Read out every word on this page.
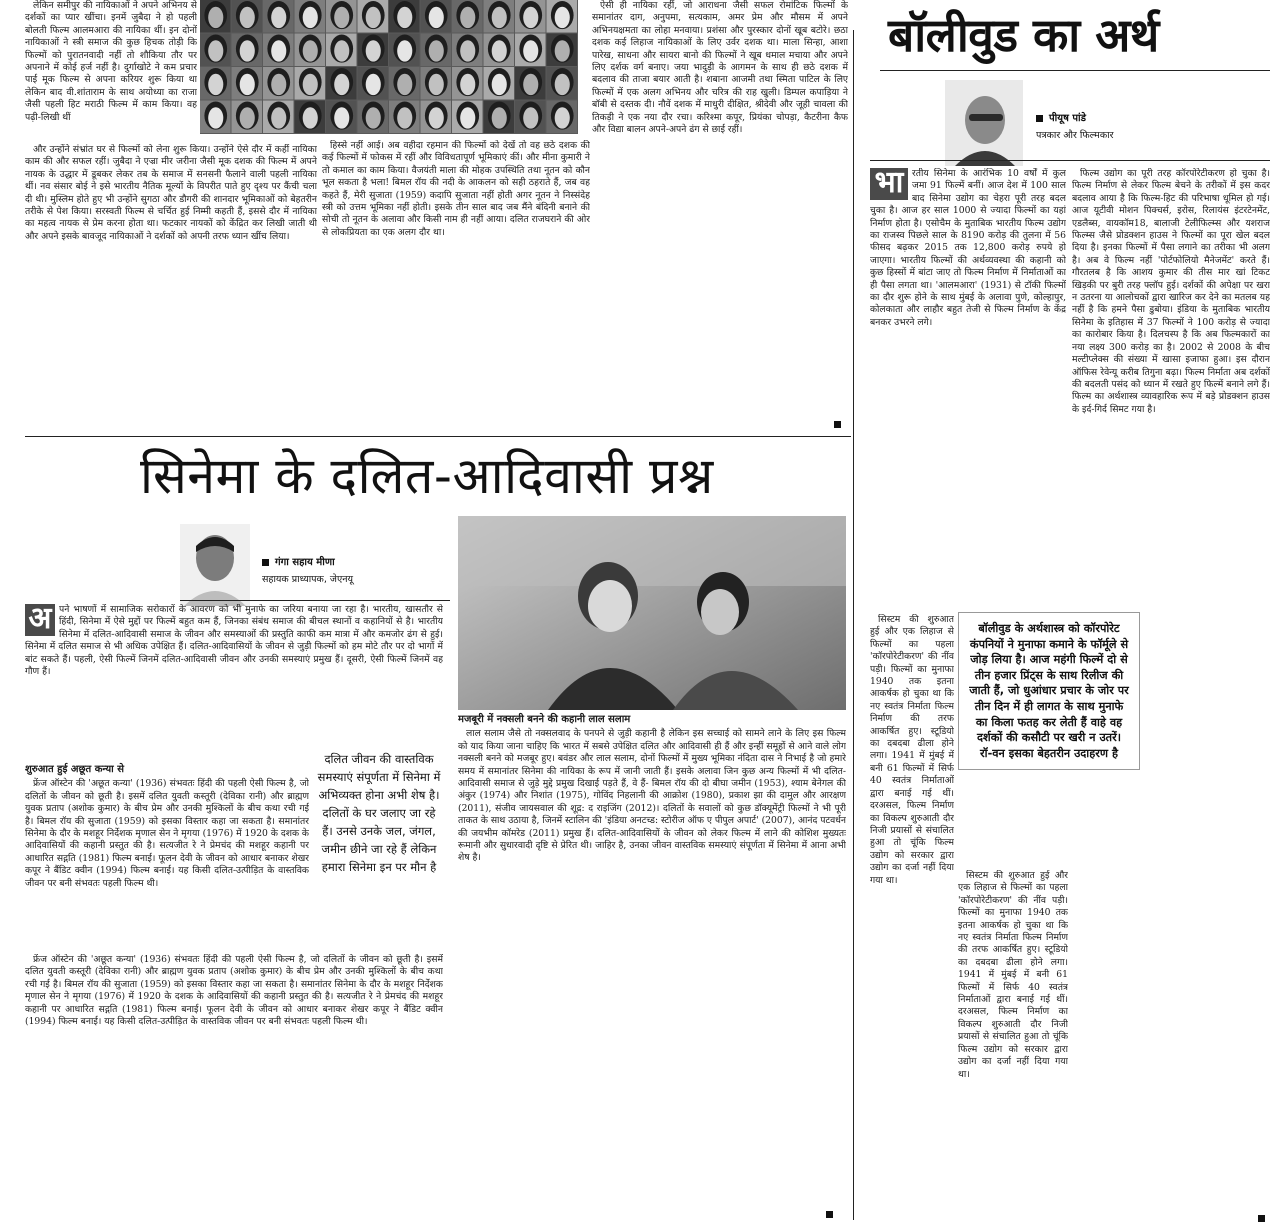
लेकिन समीपुर की नायिकाओं ने अपने अभिनय से दर्शकों का प्यार खींचा। इनमें जुबैदा ने हो पहली बोलती फिल्म आलमआरा की नायिका थीं। इन दोनों नायिकाओं ने स्त्री समाज की कुछ हिचक तोड़ी कि फिल्मों को पुरातनवादी नहीं तो शौकिया तौर पर अपनाने में कोई हर्ज नहीं है। दुर्गाखोटे ने कम प्रचार पाई मूक फिल्म से अपना करियर शुरू किया था लेकिन बाद वी.शांताराम के साथ अयोध्या का राजा जैसी पहली हिट मराठी फिल्म में काम किया। वह पढ़ी-लिखी थीं

और उन्होंने संभ्रांत घर से फिल्मों को लेना शुरू किया। उन्होंने ऐसे दौर में कहीं नायिका काम की और सफल रहीं। जुबैदा ने एज्रा मीर जरीना जैसी मूक दशक की फिल्म में अपने नायक के उद्धार में डूबकर लेकर तब के समाज में सनसनी फैलाने वाली पहली नायिका थीं। नव संसार बोई ने इसे भारतीय नैतिक मूल्यों के विपरीत पाते हुए दृश्य पर कैंची चला दी थी। मुस्लिम होते हुए भी उन्होंने सुगठा और डौगरी की शानदार भूमिकाओं को बेहतरीन तरीके से पेश किया। सरस्वती फिल्म से चर्चित हुई निम्मी कहती हैं, इससे दौर में नायिका का महत्व नायक से प्रेम करना होता था। फटकार नायकों को केंद्रित कर लिखी जाती थी और अपने इसके बावजूद नायिकाओं ने दर्शकों को अपनी तरफ ध्यान खींच लिया।

हिस्से नहीं आई। अब वहीदा रहमान की फिल्मों को देखें तो वह छठे दशक की कई फिल्मों में फोकस में रहीं और विविधतापूर्ण भूमिकाएं कीं। और मीना कुमारी ने तो कमाल का काम किया। वैजयंती माला की मोहक उपस्थिति तथा नूतन को कौन भूल सकता है भला! बिमल रॉय की नदी के आकलन को सही ठहराते हैं, जब वह कहते हैं, मेरी सुजाता (1959) कदापि सुजाता नहीं होती अगर नूतन ने निस्संदेह स्त्री को उत्तम भूमिका नहीं होती। इसके तीन साल बाद जब मैंने बंदिनी बनाने की सोची तो नूतन के अलावा और किसी नाम ही नहीं आया। दलित राजघराने की ओर से लोकप्रियता का एक अलग दौर था।

ऐसी ही नायिका रहीं, जो आराधना जैसी सफल रोमांटिक फिल्मों के समानांतर दाग, अनुपमा, सत्यकाम, अमर प्रेम और मौसम में अपने अभिनयक्षमता का लोहा मनवाया। प्रशंसा और पुरस्कार दोनों खूब बटोरे। छठा दशक कई लिहाज नायिकाओं के लिए उर्वर दशक था। माला सिन्हा, आशा पारेख, साधना और सायरा बानो की फिल्मों ने खूब धमाल मचाया और अपने लिए दर्शक वर्ग बनाए। जया भादुड़ी के आगमन के साथ ही छठे दशक में बदलाव की ताजा बयार आती है। शबाना आजमी तथा स्मिता पाटिल के लिए फिल्मों में एक अलग अभिनय और चरित्र की राह खुली। डिम्पल कपाड़िया ने बॉबी से दस्तक दी। नौवें दशक में माधुरी दीक्षित, श्रीदेवी और जूही चावला की तिकड़ी ने एक नया दौर रचा। करिश्मा कपूर, प्रियंका चोपड़ा, कैटरीना कैफ और विद्या बालन अपने-अपने ढंग से छाई रहीं।

बॉलीवुड का अर्थ
पीयूष पांडे
पत्रकार और फिल्मकार
भा रतीय सिनेमा के आरंभिक 10 वर्षों में कुल जमा 91 फिल्में बनीं। आज देश में 100 साल बाद सिनेमा उद्योग का चेहरा पूरी तरह बदल चुका है। आज हर साल 1000 से ज्यादा फिल्मों का यहां निर्माण होता है। एसोचैम के मुताबिक भारतीय फिल्म उद्योग का राजस्व पिछले साल के 8190 करोड़ की तुलना में 56 फीसद बढ़कर 2015 तक 12,800 करोड़ रुपये हो जाएगा। भारतीय फिल्मों की अर्थव्यवस्था की कहानी को कुछ हिस्सों में बांटा जाए तो फिल्म निर्माण में निर्माताओं का ही पैसा लगता था। 'आलमआरा' (1931) से टॉकी फिल्मों का दौर शुरू होने के साथ मुंबई के अलावा पुणे, कोल्हापुर, कोलकाता और लाहौर बहुत तेजी से फिल्म निर्माण के केंद्र बनकर उभरने लगे।

बॉलीवुड के अर्थशास्त्र को कॉरपोरेट कंपनियों ने मुनाफा कमाने के फॉर्मूले से जोड़ लिया है। आज महंगी फिल्में दो से तीन हजार प्रिंट्स के साथ रिलीज की जाती हैं, जो धुआंधार प्रचार के जोर पर तीन दिन में ही लागत के साथ मुनाफे का किला फतह कर लेती हैं वाहे वह दर्शकों की कसौटी पर खरी न उतरें। रॉ-वन इसका बेहतरीन उदाहरण है

सिस्टम की शुरुआत हुई और एक लिहाज से फिल्मों का पहला 'कॉरपोरेटीकरण' की नींव पड़ी। फिल्मों का मुनाफा 1940 तक इतना आकर्षक हो चुका था कि नए स्वतंत्र निर्माता फिल्म निर्माण की तरफ आकर्षित हुए। स्टूडियो का दबदबा ढीला होने लगा। 1941 में मुंबई में बनी 61 फिल्मों में सिर्फ 40 स्वतंत्र निर्माताओं द्वारा बनाई गई थीं। दरअसल, फिल्म निर्माण का विकल्प शुरुआती दौर निजी प्रयासों से संचालित हुआ तो चूंकि फिल्म उद्योग को सरकार द्वारा उद्योग का दर्जा नहीं दिया गया था।	सिस्टम की शुरुआत हुई और एक लिहाज से फिल्मों का पहला 'कॉरपोरेटीकरण' की नींव पड़ी। फिल्मों का मुनाफा 1940 तक इतना आकर्षक हो चुका था कि नए स्वतंत्र निर्माता फिल्म निर्माण की तरफ आकर्षित हुए। स्टूडियो का दबदबा ढीला होने लगा। 1941 में मुंबई में बनी 61 फिल्मों में सिर्फ 40 स्वतंत्र निर्माताओं द्वारा बनाई गई थीं। दरअसल, फिल्म निर्माण का विकल्प शुरुआती दौर निजी प्रयासों से संचालित हुआ तो चूंकि फिल्म उद्योग को सरकार द्वारा उद्योग का दर्जा नहीं दिया गया था।

फिल्म उद्योग का पूरी तरह कॉरपोरेटीकरण हो चुका है। फिल्म निर्माण से लेकर फिल्म बेचने के तरीकों में इस कदर बदलाव आया है कि फिल्म-हिट की परिभाषा धूमिल हो गई। आज यूटीवी मोशन पिक्चर्स, इरोस, रिलायंस इंटरटेनमेंट, एडलैब्स, वायकॉम18, बालाजी टेलीफिल्म्स और यशराज फिल्म्स जैसे प्रोडक्शन हाउस ने फिल्मों का पूरा खेल बदल दिया है। इनका फिल्मों में पैसा लगाने का तरीका भी अलग है। अब वे फिल्म नहीं 'पोर्टफोलियो मैनेजमेंट' करते हैं। गौरतलब है कि आशय कुमार की तीस मार खां टिकट खिड़की पर बुरी तरह फ्लॉप हुई। दर्शकों की अपेक्षा पर खरा न उतरना या आलोचकों द्वारा खारिज कर देने का मतलब यह नहीं है कि हमने पैसा डुबोया। इंडिया के मुताबिक भारतीय सिनेमा के इतिहास में 37 फिल्मों ने 100 करोड़ से ज्यादा का कारोबार किया है। दिलचस्प है कि अब फिल्मकारों का नया लक्ष्य 300 करोड़ का है। 2002 से 2008 के बीच मल्टीप्लेक्स की संख्या में खासा इजाफा हुआ। इस दौरान ऑफिस रेवेन्यू करीब तिगुना बढ़ा। फिल्म निर्माता अब दर्शकों की बदलती पसंद को ध्यान में रखते हुए फिल्में बनाने लगे हैं। फिल्म का अर्थशास्त्र व्यावहारिक रूप में बड़े प्रोडक्शन हाउस के इर्द-गिर्द सिमट गया है।

सिनेमा के दलित-आदिवासी प्रश्न
गंगा सहाय मीणा
सहायक प्राध्यापक, जेएनयू
अ पने भाषणों में सामाजिक सरोकारों के आवरण को भी मुनाफे का जरिया बनाया जा रहा है। भारतीय, खासतौर से हिंदी, सिनेमा में ऐसे मुद्दों पर फिल्में बहुत कम हैं, जिनका संबंध समाज की बीचल स्थानों व कहानियों से है। भारतीय सिनेमा में दलित-आदिवासी समाज के जीवन और समस्याओं की प्रस्तुति काफी कम मात्रा में और कमजोर ढंग से हुई। सिनेमा में दलित समाज से भी अधिक उपेक्षित हैं। दलित-आदिवासियों के जीवन से जुड़ी फिल्मों को हम मोटे तौर पर दो भागों में बांट सकते हैं। पहली, ऐसी फिल्में जिनमें दलित-आदिवासी जीवन और उनकी समस्याएं प्रमुख हैं। दूसरी, ऐसी फिल्में जिनमें वह गौण हैं।

दलित जीवन की वास्तविक समस्याएं संपूर्णता में सिनेमा में अभिव्यक्त होना अभी शेष है। दलितों के घर जलाए जा रहे हैं। उनसे उनके जल, जंगल, जमीन छीने जा रहे हैं लेकिन हमारा सिनेमा इन पर मौन है
शुरुआत हुई अछूत कन्या से

फ्रेंज ऑस्टेन की 'अछूत कन्या' (1936) संभवतः हिंदी की पहली ऐसी फिल्म है, जो दलितों के जीवन को छूती है। इसमें दलित युवती कस्तूरी (देविका रानी) और ब्राह्मण युवक प्रताप (अशोक कुमार) के बीच प्रेम और उनकी मुश्किलों के बीच कथा रची गई है। बिमल रॉय की सुजाता (1959) को इसका विस्तार कहा जा सकता है। समानांतर सिनेमा के दौर के मशहूर निर्देशक मृणाल सेन ने मृगया (1976) में 1920 के दशक के आदिवासियों की कहानी प्रस्तुत की है। सत्यजीत रे ने प्रेमचंद की मशहूर कहानी पर आधारित सद्गति (1981) फिल्म बनाई। फूलन देवी के जीवन को आधार बनाकर शेखर कपूर ने बैंडिट क्वीन (1994) फिल्म बनाई। यह किसी दलित-उत्पीड़ित के वास्तविक जीवन पर बनी संभवतः पहली फिल्म थी।

फ्रेंज ऑस्टेन की 'अछूत कन्या' (1936) संभवतः हिंदी की पहली ऐसी फिल्म है, जो दलितों के जीवन को छूती है। इसमें दलित युवती कस्तूरी (देविका रानी) और ब्राह्मण युवक प्रताप (अशोक कुमार) के बीच प्रेम और उनकी मुश्किलों के बीच कथा रची गई है। बिमल रॉय की सुजाता (1959) को इसका विस्तार कहा जा सकता है। समानांतर सिनेमा के दौर के मशहूर निर्देशक मृणाल सेन ने मृगया (1976) में 1920 के दशक के आदिवासियों की कहानी प्रस्तुत की है। सत्यजीत रे ने प्रेमचंद की मशहूर कहानी पर आधारित सद्गति (1981) फिल्म बनाई। फूलन देवी के जीवन को आधार बनाकर शेखर कपूर ने बैंडिट क्वीन (1994) फिल्म बनाई। यह किसी दलित-उत्पीड़ित के वास्तविक जीवन पर बनी संभवतः पहली फिल्म थी।

मजबूरी में नक्सली बनने की कहानी लाल सलाम

लाल सलाम जैसे तो नक्सलवाद के पनपने से जुड़ी कहानी है लेकिन इस सच्चाई को सामने लाने के लिए इस फिल्म को याद किया जाना चाहिए कि भारत में सबसे उपेक्षित दलित और आदिवासी ही हैं और इन्हीं समूहों से आने वाले लोग नक्सली बनने को मजबूर हुए। बवंडर और लाल सलाम, दोनों फिल्मों में मुख्य भूमिका नंदिता दास ने निभाई है जो हमारे समय में समानांतर सिनेमा की नायिका के रूप में जानी जाती हैं। इसके अलावा जिन कुछ अन्य फिल्मों में भी दलित-आदिवासी समाज से जुड़े मुद्दे प्रमुख दिखाई पड़ते हैं, वे हैं- बिमल रॉय की दो बीघा जमीन (1953), श्याम बेनेगल की अंकुर (1974) और निशांत (1975), गोविंद निहलानी की आक्रोश (1980), प्रकाश झा की दामुल और आरक्षण (2011), संजीव जायसवाल की शूद्र: द राइजिंग (2012)। दलितों के सवालों को कुछ डॉक्यूमेंट्री फिल्मों ने भी पूरी ताकत के साथ उठाया है, जिनमें स्टालिन की 'इंडिया अनटच्ड: स्टोरीज ऑफ ए पीपुल अपार्ट' (2007), आनंद पटवर्धन की जयभीम कॉमरेड (2011) प्रमुख हैं। दलित-आदिवासियों के जीवन को लेकर फिल्म में लाने की कोशिश मुख्यतः रूमानी और सुधारवादी दृष्टि से प्रेरित थी। जाहिर है, उनका जीवन वास्तविक समस्याएं संपूर्णता में सिनेमा में आना अभी शेष है।
